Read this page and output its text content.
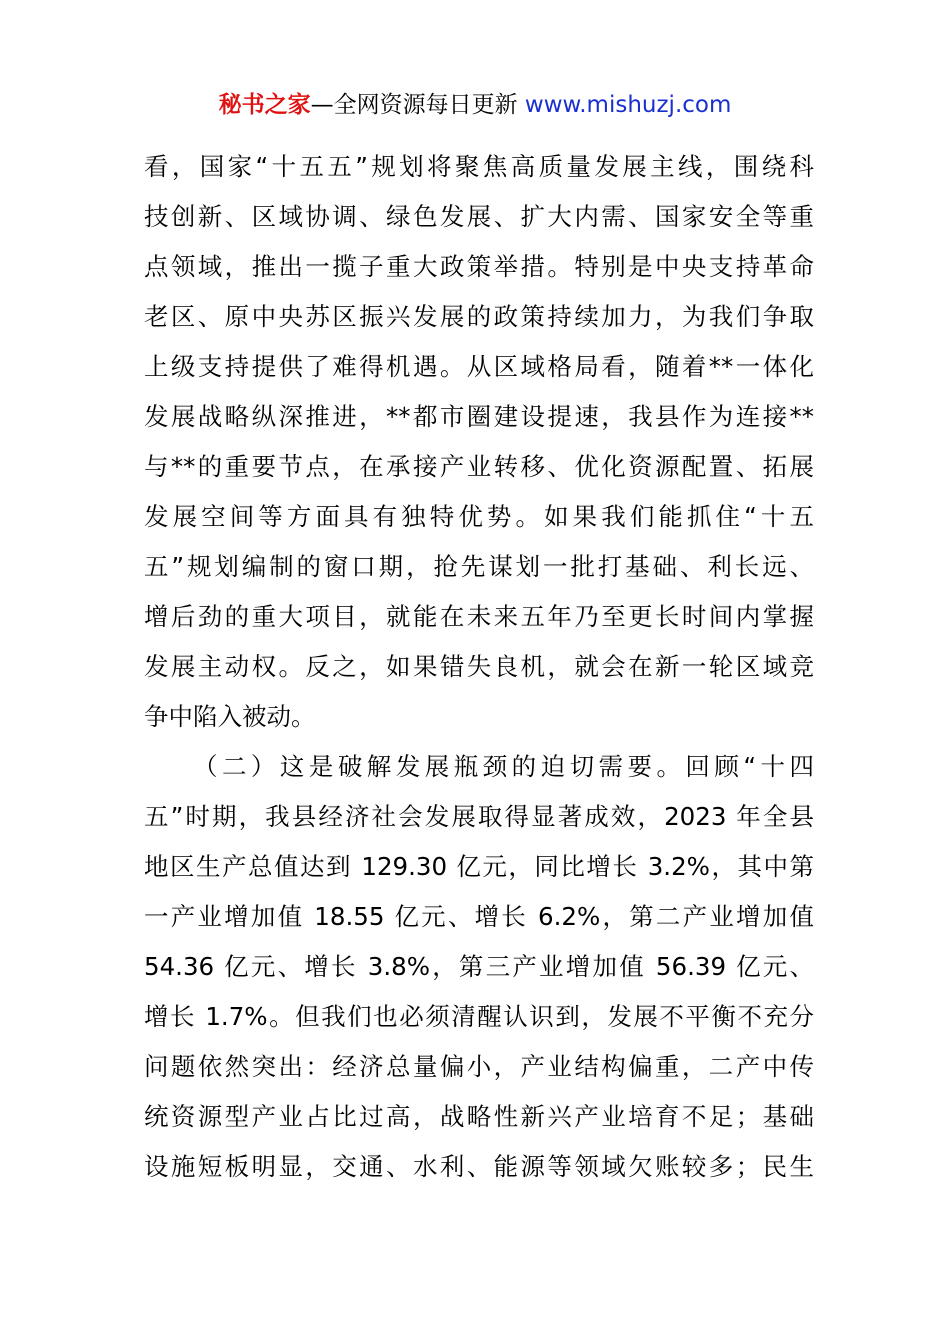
秘书之家—全网资源每日更新 www.mishuzj.com
看，国家“十五五”规划将聚焦高质量发展主线，围绕科
技创新、区域协调、绿色发展、扩大内需、国家安全等重
点领域，推出一揽子重大政策举措。特别是中央支持革命
老区、原中央苏区振兴发展的政策持续加力，为我们争取
上级支持提供了难得机遇。从区域格局看，随着**一体化
发展战略纵深推进，**都市圈建设提速，我县作为连接**
与**的重要节点，在承接产业转移、优化资源配置、拓展
发展空间等方面具有独特优势。如果我们能抓住“十五
五”规划编制的窗口期，抢先谋划一批打基础、利长远、
增后劲的重大项目，就能在未来五年乃至更长时间内掌握
发展主动权。反之，如果错失良机，就会在新一轮区域竞
争中陷入被动。
（二）这是破解发展瓶颈的迫切需要。回顾“十四
五”时期，我县经济社会发展取得显著成效，2023 年全县
地区生产总值达到 129.30 亿元，同比增长 3.2%，其中第
一产业增加值 18.55 亿元、增长 6.2%，第二产业增加值
54.36 亿元、增长 3.8%，第三产业增加值 56.39 亿元、
增长 1.7%。但我们也必须清醒认识到，发展不平衡不充分
问题依然突出：经济总量偏小，产业结构偏重，二产中传
统资源型产业占比过高，战略性新兴产业培育不足；基础
设施短板明显，交通、水利、能源等领域欠账较多；民生
